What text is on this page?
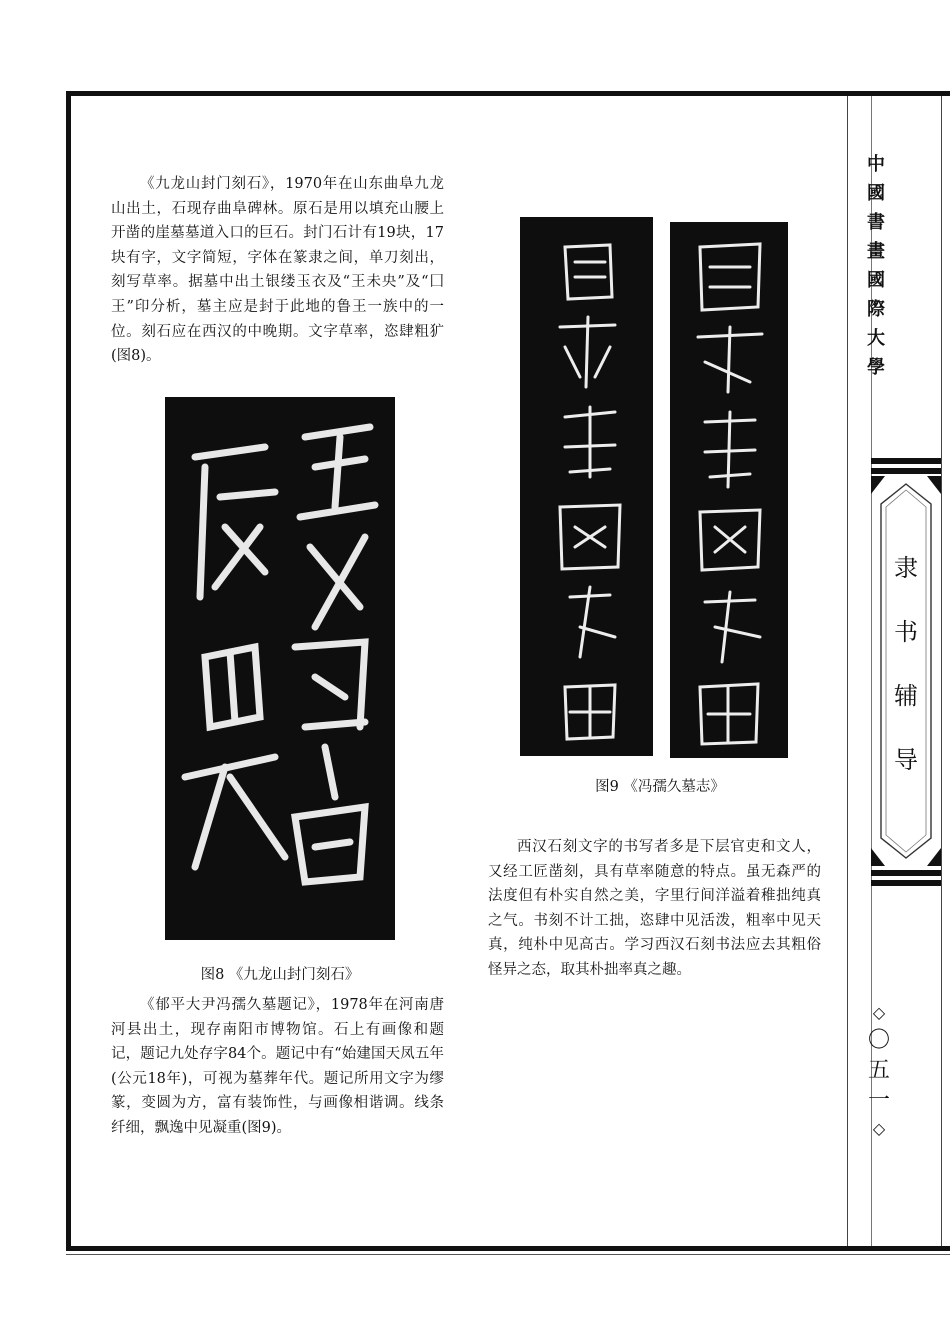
中
國
書
畫
國
際
大
學
隶
书
辅
导
◇
〇
五
一
◇
《九龙山封门刻石》，1970年在山东曲阜九龙山出土，石现存曲阜碑林。原石是用以填充山腰上开凿的崖墓墓道入口的巨石。封门石计有19块，17块有字，文字简短，字体在篆隶之间，单刀刻出，刻写草率。据墓中出土银缕玉衣及“王未央”及“囗王”印分析，墓主应是封于此地的鲁王一族中的一位。刻石应在西汉的中晚期。文字草率，恣肆粗犷(图8)。
图8 《九龙山封门刻石》
《郁平大尹冯孺久墓题记》，1978年在河南唐河县出土，现存南阳市博物馆。石上有画像和题记，题记九处存字84个。题记中有“始建国天凤五年(公元18年)，可视为墓葬年代。题记所用文字为缪篆，变圆为方，富有装饰性，与画像相谐调。线条纤细，飘逸中见凝重(图9)。
图9 《冯孺久墓志》
西汉石刻文字的书写者多是下层官吏和文人，又经工匠凿刻，具有草率随意的特点。虽无森严的法度但有朴实自然之美，字里行间洋溢着稚拙纯真之气。书刻不计工拙，恣肆中见活泼，粗率中见天真，纯朴中见高古。学习西汉石刻书法应去其粗俗怪异之态，取其朴拙率真之趣。
